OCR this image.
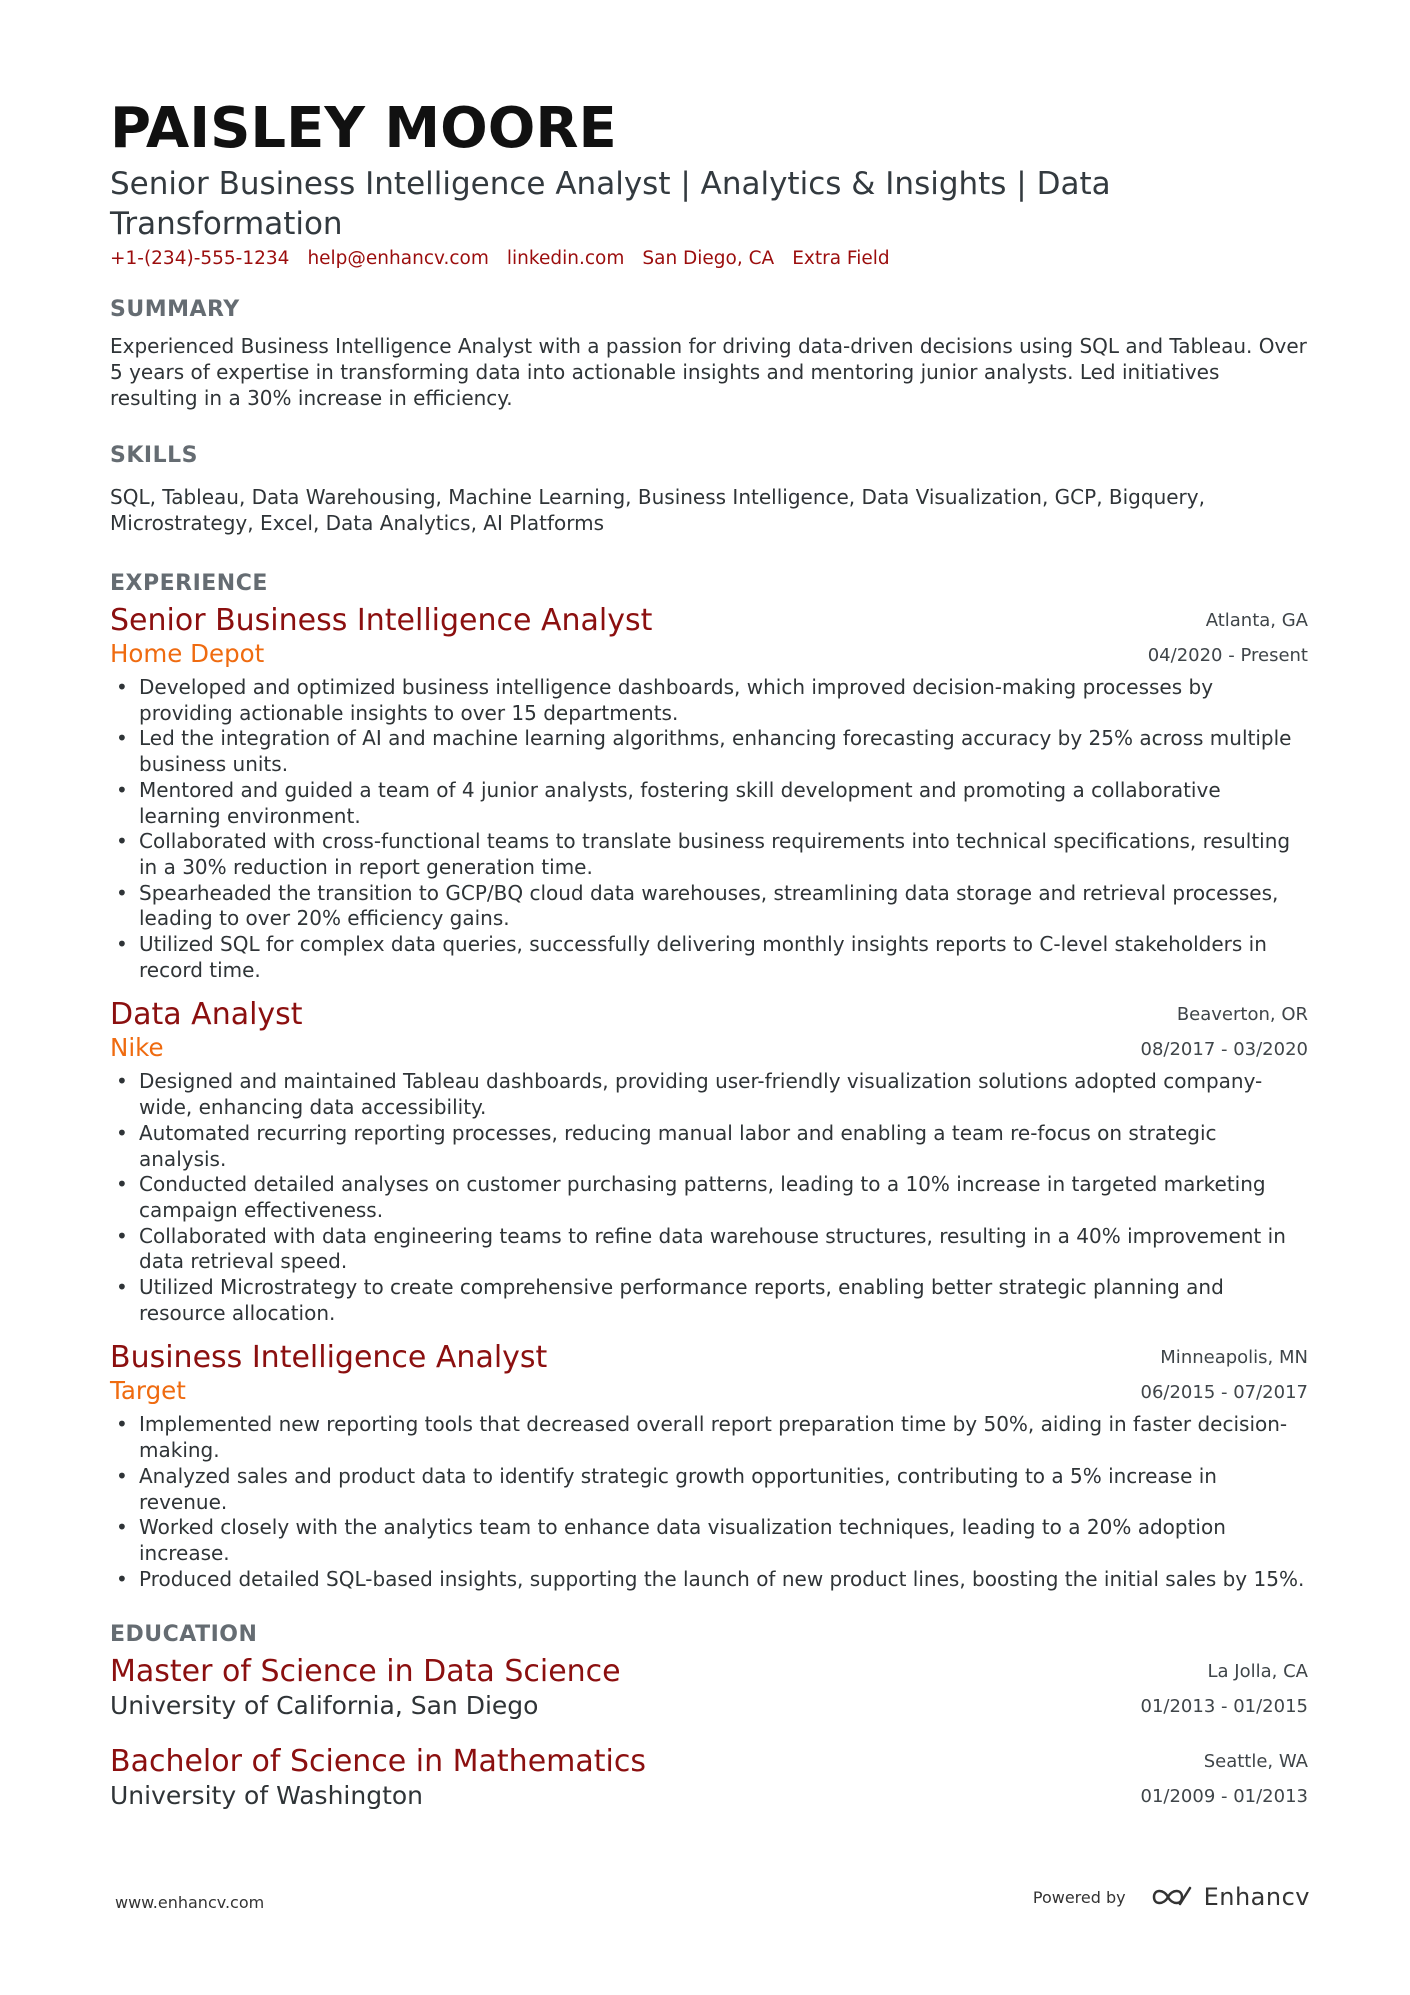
PAISLEY MOORE
Senior Business Intelligence Analyst | Analytics & Insights | Data Transformation
+1-(234)-555-1234 help@enhancv.com linkedin.com San Diego, CA Extra Field
SUMMARY
Experienced Business Intelligence Analyst with a passion for driving data-driven decisions using SQL and Tableau. Over 5 years of expertise in transforming data into actionable insights and mentoring junior analysts. Led initiatives resulting in a 30% increase in efficiency.
SKILLS
SQL, Tableau, Data Warehousing, Machine Learning, Business Intelligence, Data Visualization, GCP, Bigquery, Microstrategy, Excel, Data Analytics, AI Platforms
EXPERIENCE
Senior Business Intelligence Analyst
Home Depot
Atlanta, GA
04/2020 - Present
• Developed and optimized business intelligence dashboards, which improved decision-making processes by providing actionable insights to over 15 departments.
• Led the integration of AI and machine learning algorithms, enhancing forecasting accuracy by 25% across multiple business units.
• Mentored and guided a team of 4 junior analysts, fostering skill development and promoting a collaborative learning environment.
• Collaborated with cross-functional teams to translate business requirements into technical specifications, resulting in a 30% reduction in report generation time.
• Spearheaded the transition to GCP/BQ cloud data warehouses, streamlining data storage and retrieval processes, leading to over 20% efficiency gains.
• Utilized SQL for complex data queries, successfully delivering monthly insights reports to C-level stakeholders in record time.
Data Analyst
Nike
Beaverton, OR
08/2017 - 03/2020
• Designed and maintained Tableau dashboards, providing user-friendly visualization solutions adopted company-wide, enhancing data accessibility.
• Automated recurring reporting processes, reducing manual labor and enabling a team re-focus on strategic analysis.
• Conducted detailed analyses on customer purchasing patterns, leading to a 10% increase in targeted marketing campaign effectiveness.
• Collaborated with data engineering teams to refine data warehouse structures, resulting in a 40% improvement in data retrieval speed.
• Utilized Microstrategy to create comprehensive performance reports, enabling better strategic planning and resource allocation.
Business Intelligence Analyst
Target
Minneapolis, MN
06/2015 - 07/2017
• Implemented new reporting tools that decreased overall report preparation time by 50%, aiding in faster decision-making.
• Analyzed sales and product data to identify strategic growth opportunities, contributing to a 5% increase in revenue.
• Worked closely with the analytics team to enhance data visualization techniques, leading to a 20% adoption increase.
• Produced detailed SQL-based insights, supporting the launch of new product lines, boosting the initial sales by 15%.
EDUCATION
Master of Science in Data Science
University of California, San Diego
La Jolla, CA
01/2013 - 01/2015
Bachelor of Science in Mathematics
University of Washington
Seattle, WA
01/2009 - 01/2013
www.enhancv.com	Powered by	Enhancv
